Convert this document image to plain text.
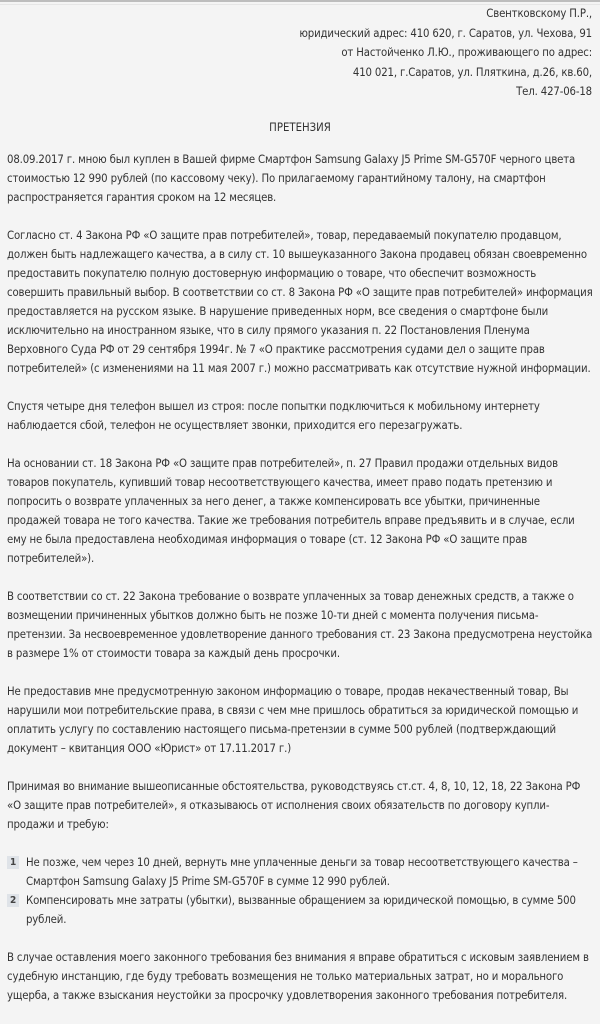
Свентковскому П.Р.,
юридический адрес: 410 620, г. Саратов, ул. Чехова, 91
от Настойченко Л.Ю., проживающего по адрес:
410 021, г.Саратов, ул. Пляткина, д.26, кв.60,
Тел. 427-06-18
ПРЕТЕНЗИЯ

08.09.2017 г. мною был куплен в Вашей фирме Смартфон Samsung Galaxy J5 Prime SM-G570F черного цвета стоимостью 12 990 рублей (по кассовому чеку). По прилагаемому гарантийному талону, на смартфон распространяется гарантия сроком на 12 месяцев.

Согласно ст. 4 Закона РФ «О защите прав потребителей», товар, передаваемый покупателю продавцом, должен быть надлежащего качества, а в силу ст. 10 вышеуказанного Закона продавец обязан своевременно предоставить покупателю полную достоверную информацию о товаре, что обеспечит возможность совершить правильный выбор. В соответствии со ст. 8 Закона РФ «О защите прав потребителей» информация предоставляется на русском языке. В нарушение приведенных норм, все сведения о смартфоне были исключительно на иностранном языке, что в силу прямого указания п. 22 Постановления Пленума Верховного Суда РФ от 29 сентября 1994г. № 7 «О практике рассмотрения судами дел о защите прав потребителей» (с изменениями на 11 мая 2007 г.) можно рассматривать как отсутствие нужной информации.

Спустя четыре дня телефон вышел из строя: после попытки подключиться к мобильному интернету наблюдается сбой, телефон не осуществляет звонки, приходится его перезагружать.

На основании ст. 18 Закона РФ «О защите прав потребителей», п. 27 Правил продажи отдельных видов товаров покупатель, купивший товар несоответствующего качества, имеет право подать претензию и попросить о возврате уплаченных за него денег, а также компенсировать все убытки, причиненные продажей товара не того качества. Такие же требования потребитель вправе предъявить и в случае, если ему не была предоставлена необходимая информация о товаре (ст. 12 Закона РФ «О защите прав потребителей»).

В соответствии со ст. 22 Закона требование о возврате уплаченных за товар денежных средств, а также о возмещении причиненных убытков должно быть не позже 10-ти дней с момента получения письма-претензии. За несвоевременное удовлетворение данного требования ст. 23 Закона предусмотрена неустойка в размере 1% от стоимости товара за каждый день просрочки.

Не предоставив мне предусмотренную законом информацию о товаре, продав некачественный товар, Вы нарушили мои потребительские права, в связи с чем мне пришлось обратиться за юридической помощью и оплатить услугу по составлению настоящего письма-претензии в сумме 500 рублей (подтверждающий документ – квитанция ООО «Юрист» от 17.11.2017 г.)

Принимая во внимание вышеописанные обстоятельства, руководствуясь ст.ст. 4, 8, 10, 12, 18, 22 Закона РФ «О защите прав потребителей», я отказываюсь от исполнения своих обязательств по договору купли-продажи и требую:

1 Не позже, чем через 10 дней, вернуть мне уплаченные деньги за товар несоответствующего качества – Смартфон Samsung Galaxy J5 Prime SM-G570F в сумме 12 990 рублей.
2 Компенсировать мне затраты (убытки), вызванные обращением за юридической помощью, в сумме 500 рублей.

В случае оставления моего законного требования без внимания я вправе обратиться с исковым заявлением в судебную инстанцию, где буду требовать возмещения не только материальных затрат, но и морального ущерба, а также взыскания неустойки за просрочку удовлетворения законного требования потребителя.
